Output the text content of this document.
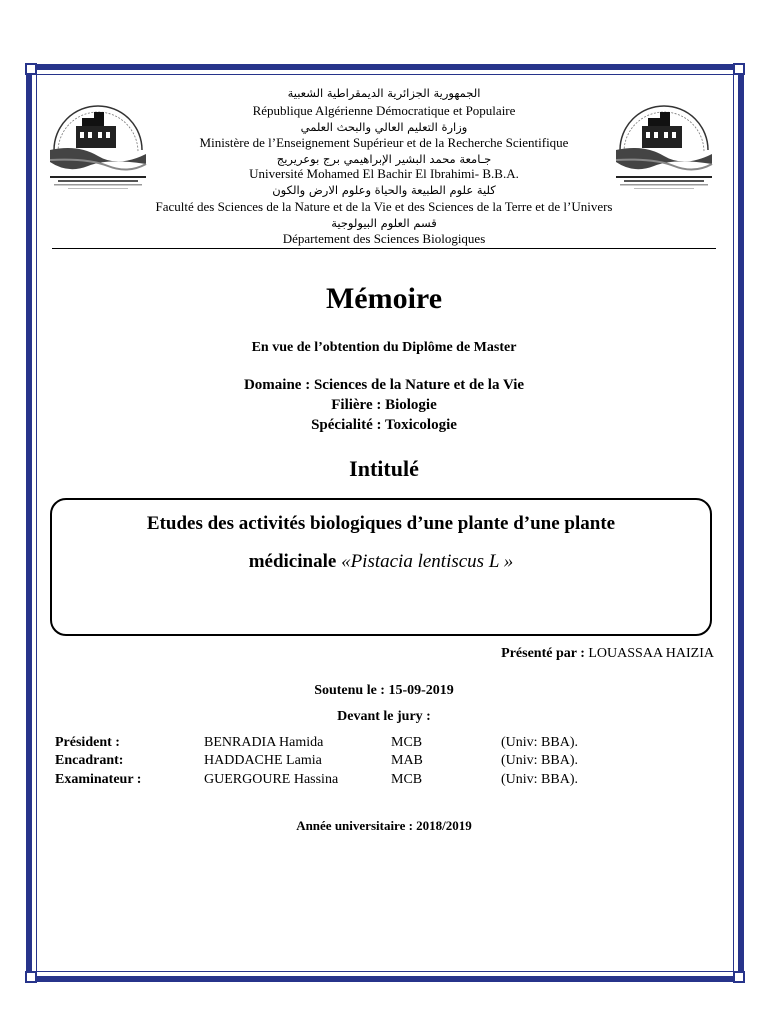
الجمهورية الجزائرية الديمقراطية الشعبية
République Algérienne Démocratique et Populaire
وزارة التعليم العالي والبحث العلمي
Ministère de l’Enseignement Supérieur et de la Recherche Scientifique
جـامعة محمد البشير الإبراهيمي برج بوعريريج
Université Mohamed El Bachir El Ibrahimi- B.B.A.
كلية علوم الطبيعة والحياة وعلوم الارض والكون
Faculté des Sciences de la Nature et de la Vie et des Sciences de la Terre et de l’Univers
قسم العلوم البيولوجية
Département des Sciences Biologiques
Mémoire
En vue de l’obtention du Diplôme de Master
Domaine : Sciences de la Nature et de la Vie
Filière : Biologie
Spécialité : Toxicologie
Intitulé
Etudes des activités biologiques d’une plante d’une plante
médicinale «Pistacia lentiscus L »
Présenté par : LOUASSAA HAIZIA
Soutenu le : 15-09-2019
Devant le jury :
Président :	BENRADIA Hamida	MCB	(Univ: BBA).
Encadrant:	HADDACHE Lamia	MAB	(Univ: BBA).
Examinateur :	GUERGOURE Hassina	MCB	(Univ: BBA).
Année universitaire : 2018/2019
